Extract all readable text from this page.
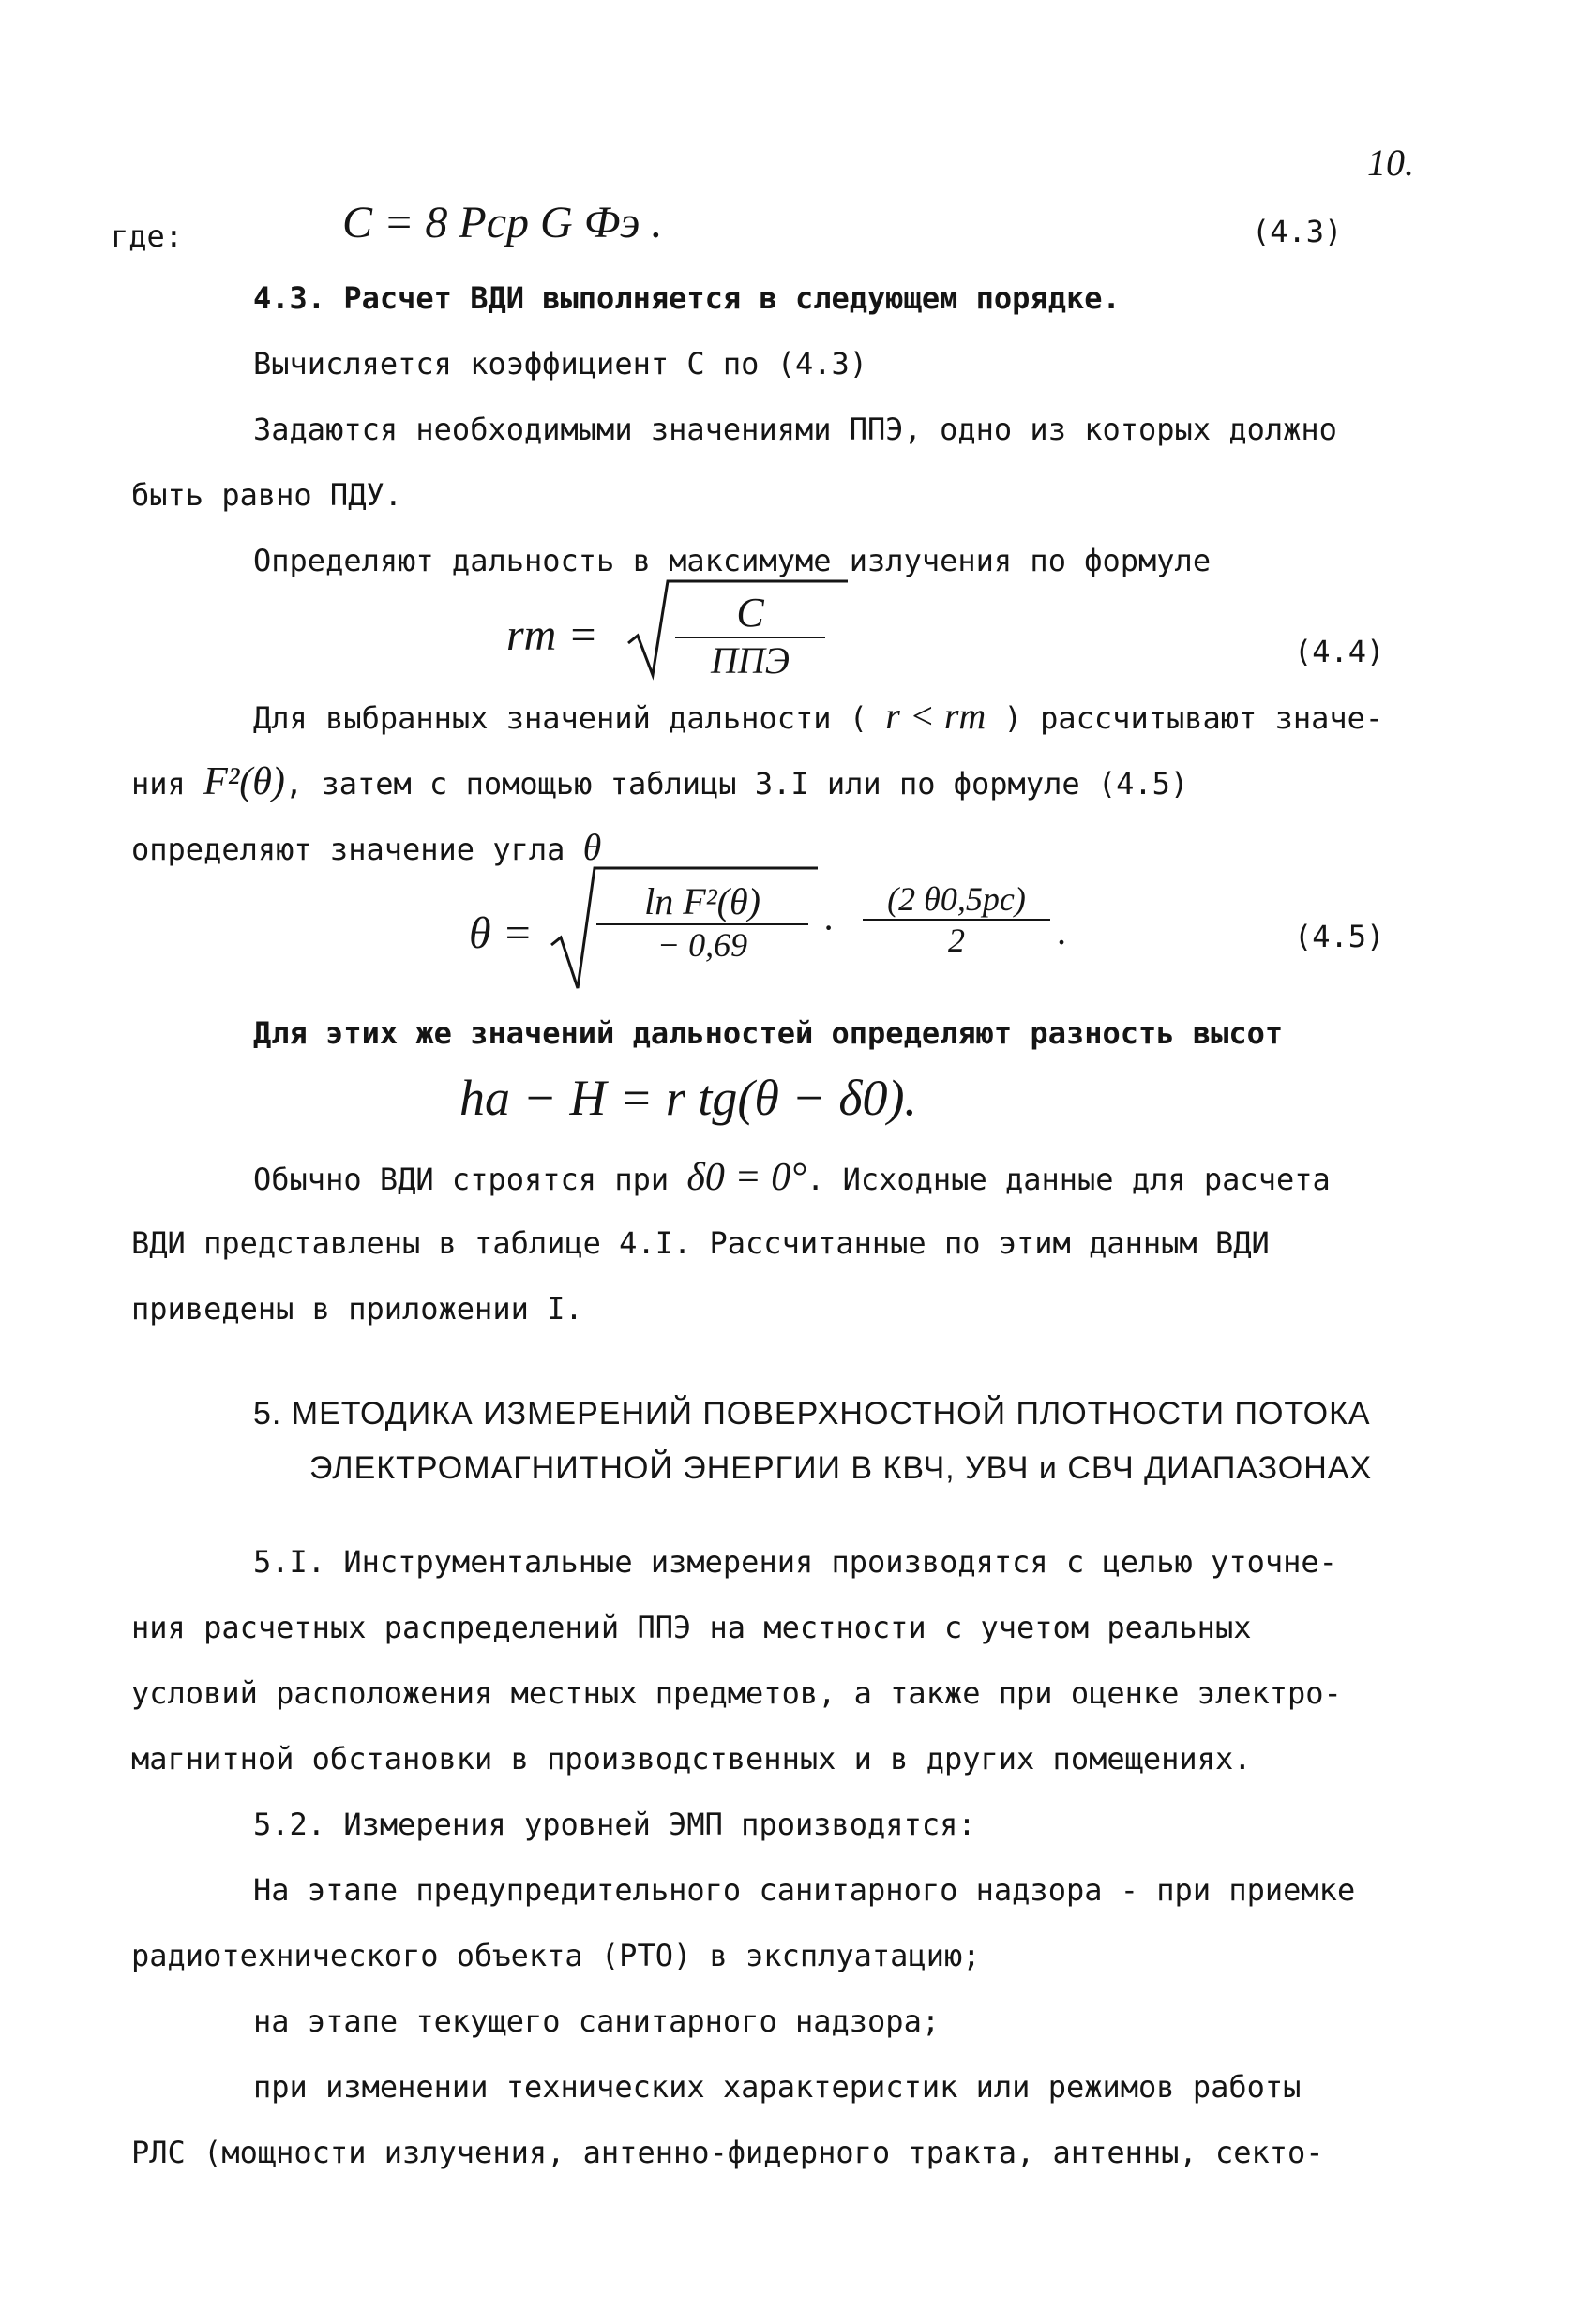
10.
где:	C = 8 Pср G Фэ .	(4.3)
4.3. Расчет ВДИ выполняется в следующем порядке.
Вычисляется коэффициент С по (4.3)
Задаются необходимыми значениями ППЭ, одно из которых должно
быть равно ПДУ.
Определяют дальность в максимуме излучения по формуле
rm =	C
ППЭ	(4.4)
Для выбранных значений дальности ( r < rm ) рассчитывают значе-
ния F²(θ), затем с помощью таблицы 3.I или по формуле (4.5)
определяют значение угла θ
θ =
ln F²(θ)
− 0,69	·
(2 θ0,5рс)
2	.	(4.5)
Для этих же значений дальностей определяют разность высот
hа − H = r tg(θ − δ0).
Обычно ВДИ строятся при δ0 = 0°. Исходные данные для расчета
ВДИ представлены в таблице 4.I. Рассчитанные по этим данным ВДИ
приведены в приложении I.
5. МЕТОДИКА ИЗМЕРЕНИЙ ПОВЕРХНОСТНОЙ ПЛОТНОСТИ ПОТОКА
ЭЛЕКТРОМАГНИТНОЙ ЭНЕРГИИ В КВЧ, УВЧ и СВЧ ДИАПАЗОНАХ
5.I. Инструментальные измерения производятся с целью уточне-
ния расчетных распределений ППЭ на местности с учетом реальных
условий расположения местных предметов, а также при оценке электро-
магнитной обстановки в производственных и в других помещениях.
5.2. Измерения уровней ЭМП производятся:
На этапе предупредительного санитарного надзора - при приемке
радиотехнического объекта (РТО) в эксплуатацию;
на этапе текущего санитарного надзора;
при изменении технических характеристик или режимов работы
РЛС (мощности излучения, антенно-фидерного тракта, антенны, секто-
